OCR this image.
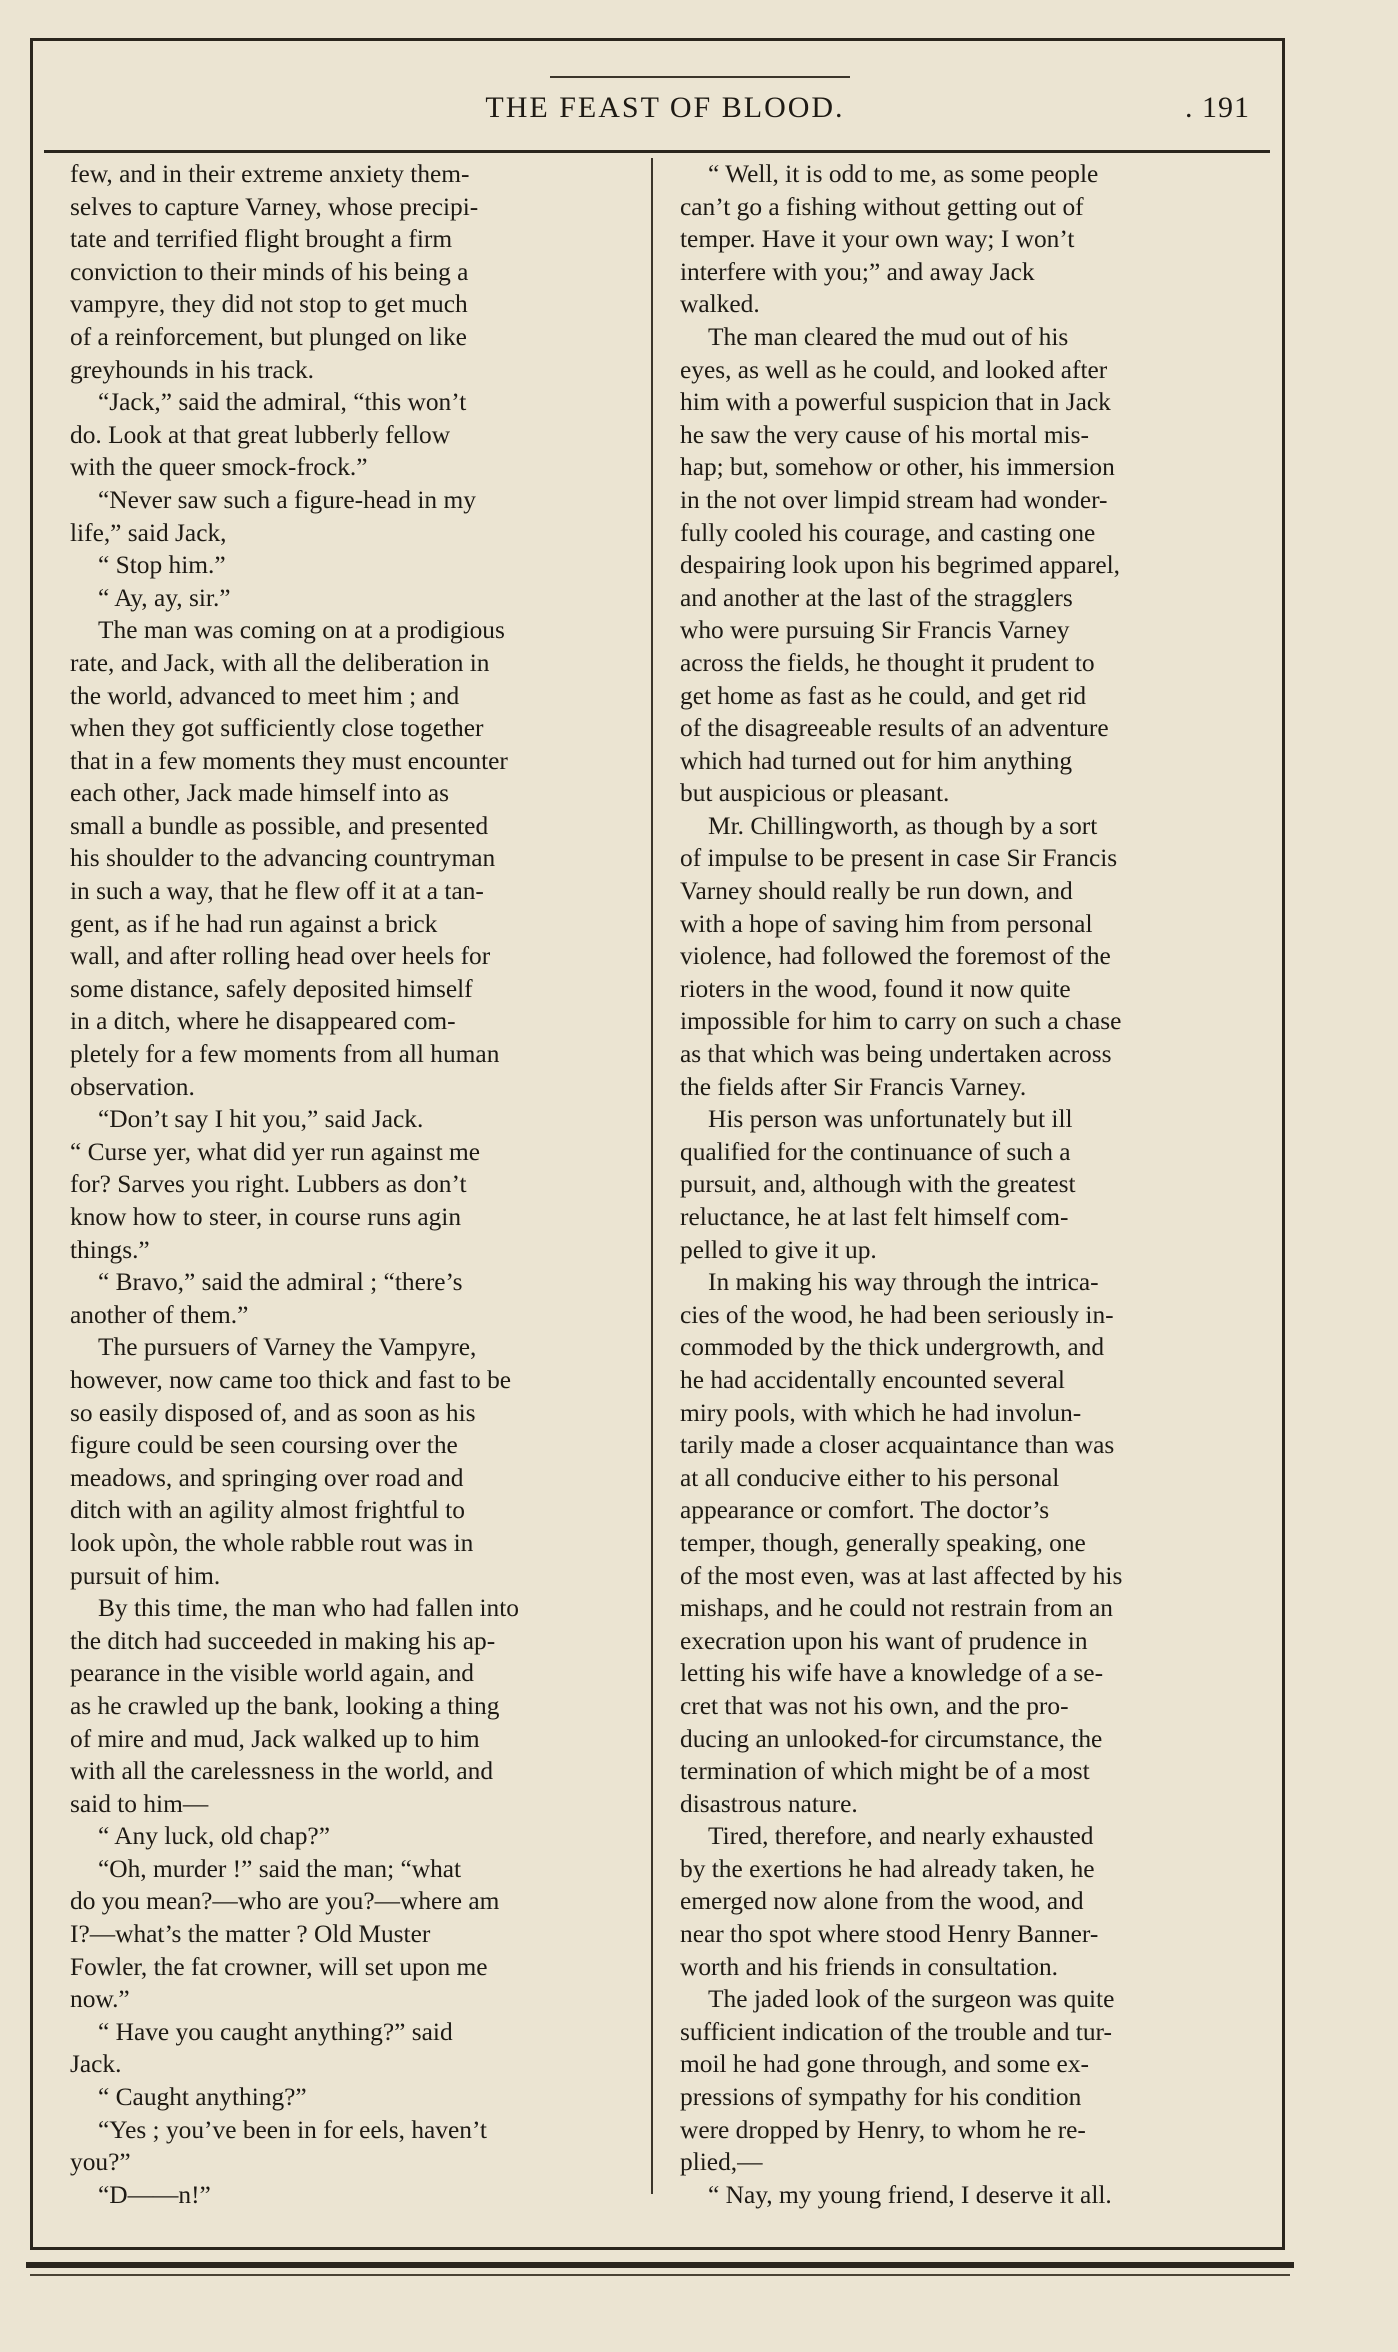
THE FEAST OF BLOOD.	. 191

few, and in their extreme anxiety them-
selves to capture Varney, whose precipi-
tate and terrified flight brought a firm
conviction to their minds of his being a
vampyre, they did not stop to get much
of a reinforcement, but plunged on like
greyhounds in his track.

“Jack,” said the admiral, “this won’t
do. Look at that great lubberly fellow
with the queer smock-frock.”

“Never saw such a figure-head in my
life,” said Jack,

“ Stop him.”

“ Ay, ay, sir.”

The man was coming on at a prodigious
rate, and Jack, with all the deliberation in
the world, advanced to meet him ; and
when they got sufficiently close together
that in a few moments they must encounter
each other, Jack made himself into as
small a bundle as possible, and presented
his shoulder to the advancing countryman
in such a way, that he flew off it at a tan-
gent, as if he had run against a brick
wall, and after rolling head over heels for
some distance, safely deposited himself
in a ditch, where he disappeared com-
pletely for a few moments from all human
observation.

“Don’t say I hit you,” said Jack.
“ Curse yer, what did yer run against me
for? Sarves you right. Lubbers as don’t
know how to steer, in course runs agin
things.”

“ Bravo,” said the admiral ; “there’s
another of them.”

The pursuers of Varney the Vampyre,
however, now came too thick and fast to be
so easily disposed of, and as soon as his
figure could be seen coursing over the
meadows, and springing over road and
ditch with an agility almost frightful to
look upòn, the whole rabble rout was in
pursuit of him.

By this time, the man who had fallen into
the ditch had succeeded in making his ap-
pearance in the visible world again, and
as he crawled up the bank, looking a thing
of mire and mud, Jack walked up to him
with all the carelessness in the world, and
said to him—

“ Any luck, old chap?”

“Oh, murder !” said the man; “what
do you mean?—who are you?—where am
I?—what’s the matter ? Old Muster
Fowler, the fat crowner, will set upon me
now.”

“ Have you caught anything?” said
Jack.

“ Caught anything?”

“Yes ; you’ve been in for eels, haven’t
you?”

“D——n!”

“ Well, it is odd to me, as some people
can’t go a fishing without getting out of
temper. Have it your own way; I won’t
interfere with you;” and away Jack
walked.

The man cleared the mud out of his
eyes, as well as he could, and looked after
him with a powerful suspicion that in Jack
he saw the very cause of his mortal mis-
hap; but, somehow or other, his immersion
in the not over limpid stream had wonder-
fully cooled his courage, and casting one
despairing look upon his begrimed apparel,
and another at the last of the stragglers
who were pursuing Sir Francis Varney
across the fields, he thought it prudent to
get home as fast as he could, and get rid
of the disagreeable results of an adventure
which had turned out for him anything
but auspicious or pleasant.

Mr. Chillingworth, as though by a sort
of impulse to be present in case Sir Francis
Varney should really be run down, and
with a hope of saving him from personal
violence, had followed the foremost of the
rioters in the wood, found it now quite
impossible for him to carry on such a chase
as that which was being undertaken across
the fields after Sir Francis Varney.

His person was unfortunately but ill
qualified for the continuance of such a
pursuit, and, although with the greatest
reluctance, he at last felt himself com-
pelled to give it up.

In making his way through the intrica-
cies of the wood, he had been seriously in-
commoded by the thick undergrowth, and
he had accidentally encounted several
miry pools, with which he had involun-
tarily made a closer acquaintance than was
at all conducive either to his personal
appearance or comfort. The doctor’s
temper, though, generally speaking, one
of the most even, was at last affected by his
mishaps, and he could not restrain from an
execration upon his want of prudence in
letting his wife have a knowledge of a se-
cret that was not his own, and the pro-
ducing an unlooked-for circumstance, the
termination of which might be of a most
disastrous nature.

Tired, therefore, and nearly exhausted
by the exertions he had already taken, he
emerged now alone from the wood, and
near tho spot where stood Henry Banner-
worth and his friends in consultation.

The jaded look of the surgeon was quite
sufficient indication of the trouble and tur-
moil he had gone through, and some ex-
pressions of sympathy for his condition
were dropped by Henry, to whom he re-
plied,—

“ Nay, my young friend, I deserve it all.
